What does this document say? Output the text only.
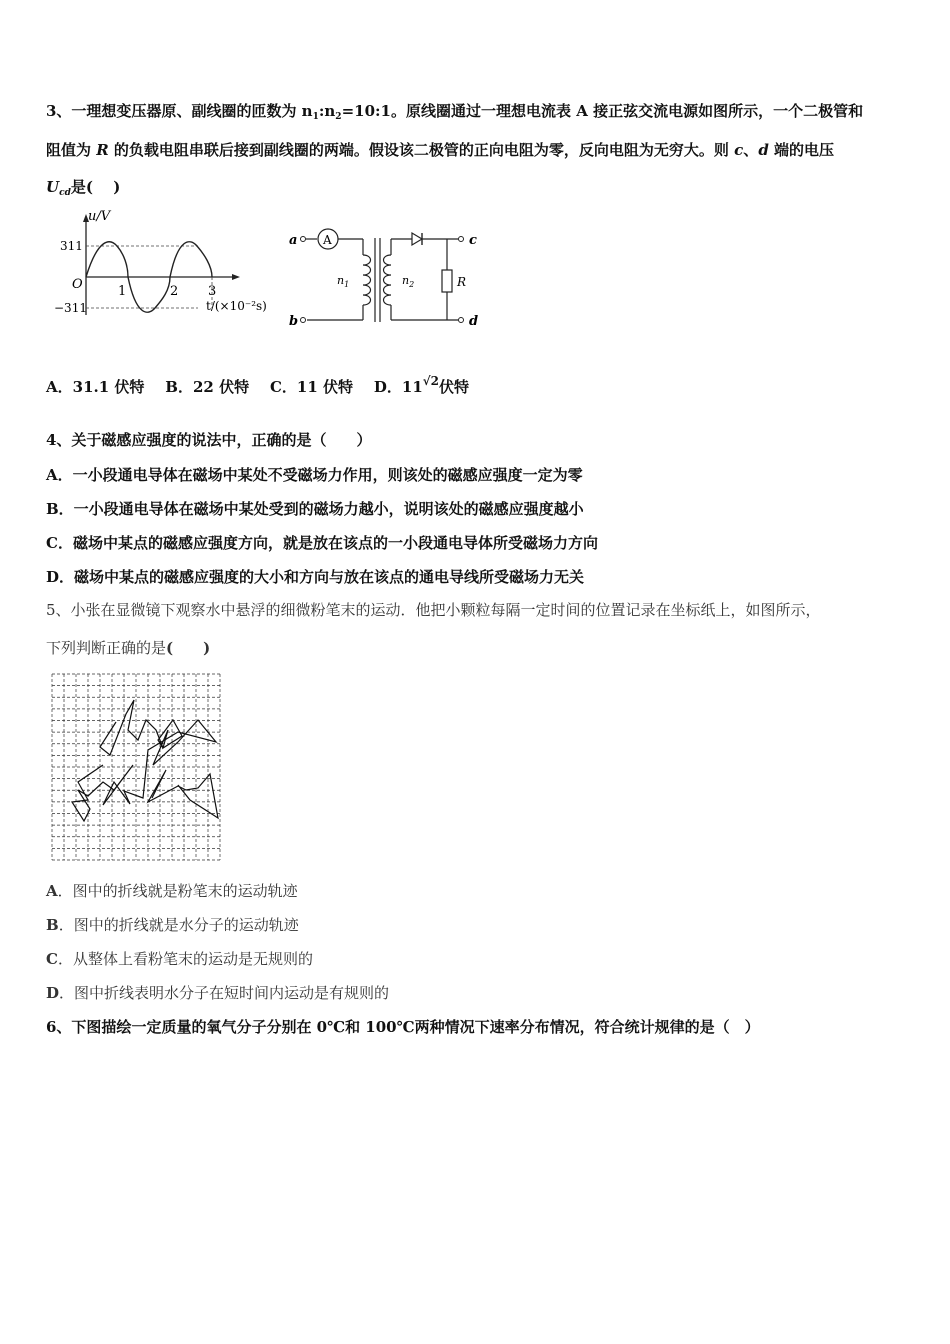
3、一理想变压器原、副线圈的匝数为 $n_1:n_2=10:1$。原线圈通过一理想电流表 A 接正弦交流电源如图所示，一个二极管和
阻值为 R 的负载电阻串联后接到副线圈的两端。假设该二极管的正向电阻为零，反向电阻为无穷大。则 c、d 端的电压
$U_{cd}$是(　 )
u/V
311
−311
O	1	2 3
t/(×10⁻²s)
a A
b
$n_1$	$n_2$
c
R
d
A．31.1 伏特 B．22 伏特 C．11 伏特 D．$11^{√2}$伏特
4、关于磁感应强度的说法中，正确的是（　　）
A．一小段通电导体在磁场中某处不受磁场力作用，则该处的磁感应强度一定为零
B．一小段通电导体在磁场中某处受到的磁场力越小，说明该处的磁感应强度越小
C．磁场中某点的磁感应强度方向，就是放在该点的一小段通电导体所受磁场力方向
D．磁场中某点的磁感应强度的大小和方向与放在该点的通电导线所受磁场力无关
5、小张在显微镜下观察水中悬浮的细微粉笔末的运动．他把小颗粒每隔一定时间的位置记录在坐标纸上，如图所示，
下列判断正确的是(　　)
A．图中的折线就是粉笔末的运动轨迹
B．图中的折线就是水分子的运动轨迹
C．从整体上看粉笔末的运动是无规则的
D．图中折线表明水分子在短时间内运动是有规则的
6、下图描绘一定质量的氧气分子分别在 0℃和 100℃两种情况下速率分布情况，符合统计规律的是（　）
